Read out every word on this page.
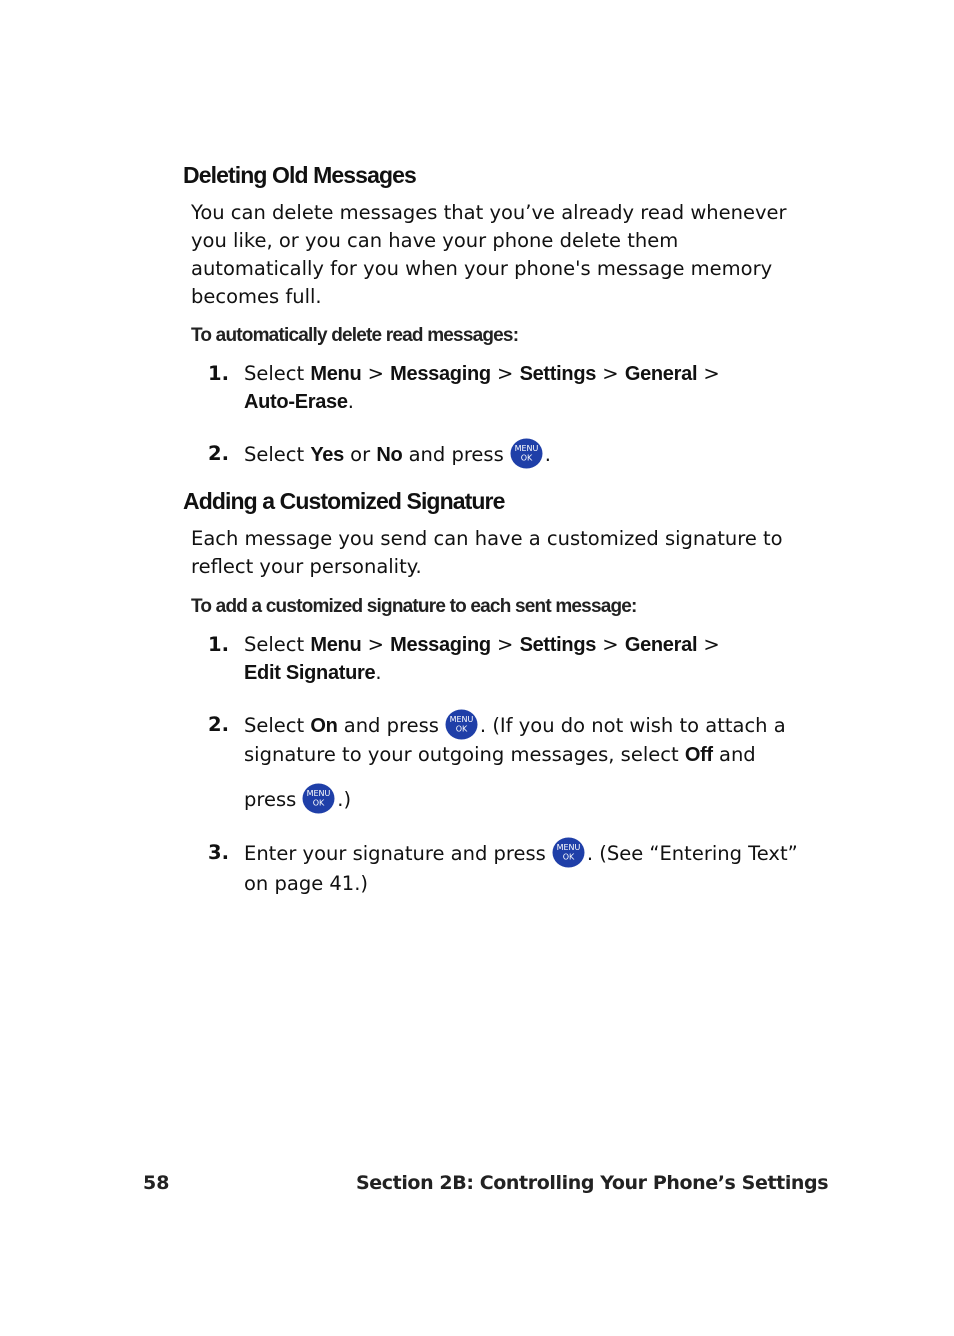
Deleting Old Messages

You can delete messages that you’ve already read whenever you like, or you can have your phone delete them automatically for you when your phone's message memory becomes full.

To automatically delete read messages:

1. Select Menu > Messaging > Settings > General >
Auto-Erase.
2. Select Yes or No and press MENU
OK .
Adding a Customized Signature

Each message you send can have a customized signature to reflect your personality.

To add a customized signature to each sent message:

1. Select Menu > Messaging > Settings > General >
Edit Signature.
2. Select On and press MENU
OK . (If you do not wish to attach a
signature to your outgoing messages, select Off and
press MENU
OK .)
3. Enter your signature and press MENU
OK . (See “Entering Text”
on page 41.)

58	Section 2B: Controlling Your Phone’s Settings
